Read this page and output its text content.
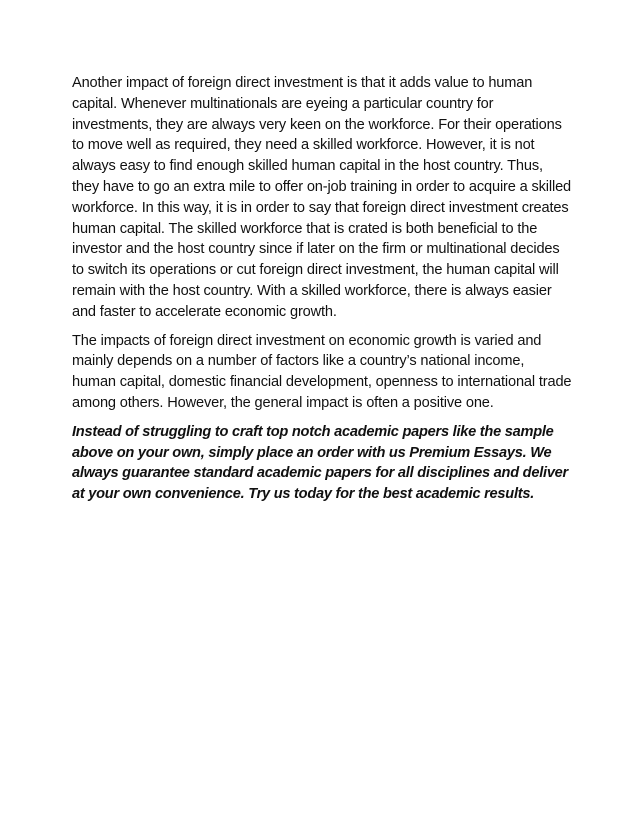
Another impact of foreign direct investment is that it adds value to human capital. Whenever multinationals are eyeing a particular country for investments, they are always very keen on the workforce. For their operations to move well as required, they need a skilled workforce. However, it is not always easy to find enough skilled human capital in the host country. Thus, they have to go an extra mile to offer on-job training in order to acquire a skilled workforce. In this way, it is in order to say that foreign direct investment creates human capital. The skilled workforce that is crated is both beneficial to the investor and the host country since if later on the firm or multinational decides to switch its operations or cut foreign direct investment, the human capital will remain with the host country. With a skilled workforce, there is always easier and faster to accelerate economic growth.

The impacts of foreign direct investment on economic growth is varied and mainly depends on a number of factors like a country’s national income, human capital, domestic financial development, openness to international trade among others. However, the general impact is often a positive one.

Instead of struggling to craft top notch academic papers like the sample above on your own, simply place an order with us Premium Essays. We always guarantee standard academic papers for all disciplines and deliver at your own convenience. Try us today for the best academic results.
